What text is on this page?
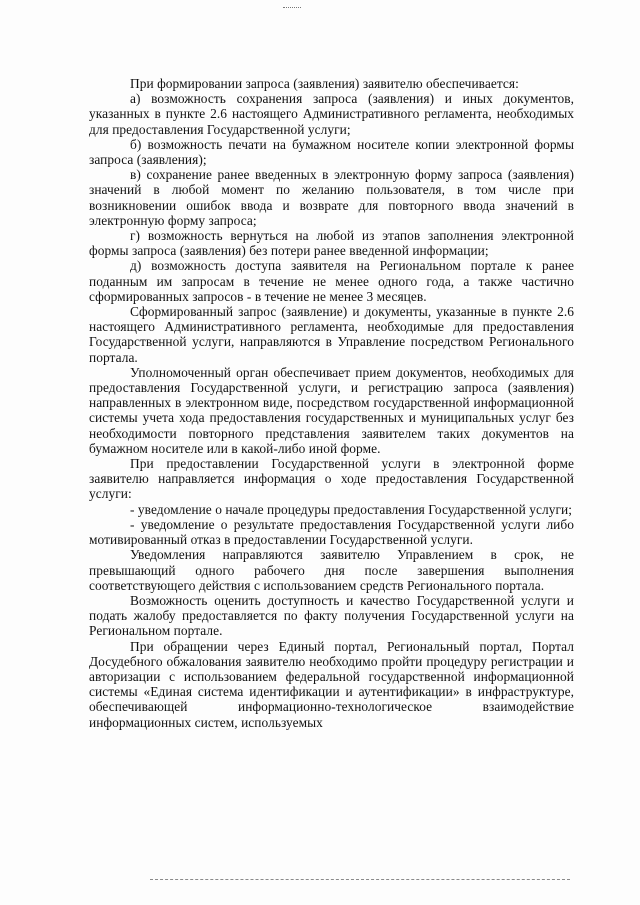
При формировании запроса (заявления) заявителю обеспечивается:

а) возможность сохранения запроса (заявления) и иных документов, указанных в пункте 2.6 настоящего Административного регламента, необходимых для предоставления Государственной услуги;

б) возможность печати на бумажном носителе копии электронной формы запроса (заявления);

в) сохранение ранее введенных в электронную форму запроса (заявления) значений в любой момент по желанию пользователя, в том числе при возникновении ошибок ввода и возврате для повторного ввода значений в электронную форму запроса;

г) возможность вернуться на любой из этапов заполнения электронной формы запроса (заявления) без потери ранее введенной информации;

д) возможность доступа заявителя на Региональном портале к ранее поданным им запросам в течение не менее одного года, а также частично сформированных запросов - в течение не менее 3 месяцев.

Сформированный запрос (заявление) и документы, указанные в пункте 2.6 настоящего Административного регламента, необходимые для предоставления Государственной услуги, направляются в Управление посредством Регионального портала.

Уполномоченный орган обеспечивает прием документов, необходимых для предоставления Государственной услуги, и регистрацию запроса (заявления) направленных в электронном виде, посредством государственной информационной системы учета хода предоставления государственных и муниципальных услуг без необходимости повторного представления заявителем таких документов на бумажном носителе или в какой-либо иной форме.

При предоставлении Государственной услуги в электронной форме заявителю направляется информация о ходе предоставления Государственной услуги:

- уведомление о начале процедуры предоставления Государственной услуги;

- уведомление о результате предоставления Государственной услуги либо мотивированный отказ в предоставлении Государственной услуги.

Уведомления направляются заявителю Управлением в срок, не превышающий одного рабочего дня после завершения выполнения соответствующего действия с использованием средств Регионального портала.

Возможность оценить доступность и качество Государственной услуги и подать жалобу предоставляется по факту получения Государственной услуги на Региональном портале.

При обращении через Единый портал, Региональный портал, Портал Досудебного обжалования заявителю необходимо пройти процедуру регистрации и авторизации с использованием федеральной государственной информационной системы «Единая система идентификации и аутентификации» в инфраструктуре, обеспечивающей информационно-технологическое взаимодействие информационных систем, используемых
